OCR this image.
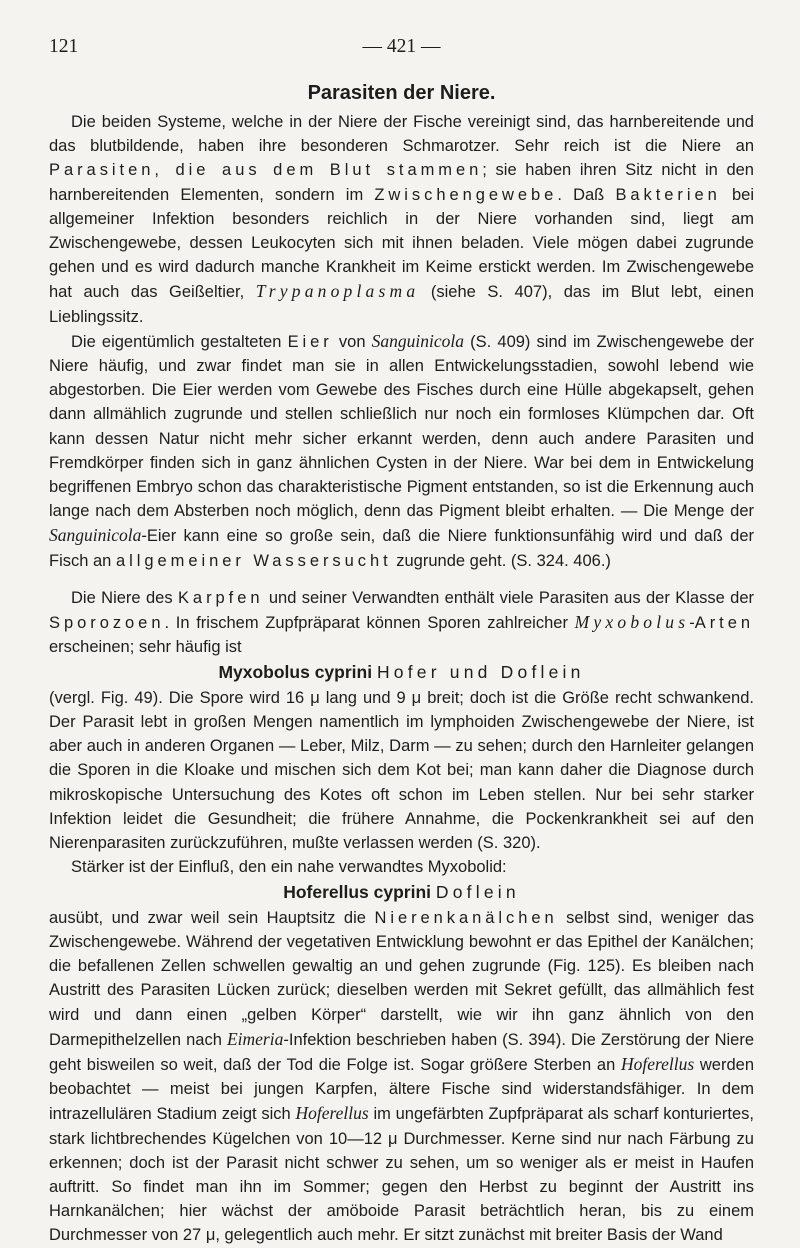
121	— 421 —
Parasiten der Niere.

Die beiden Systeme, welche in der Niere der Fische vereinigt sind, das harnbereitende und das blutbildende, haben ihre besonderen Schmarotzer. Sehr reich ist die Niere an Parasiten, die aus dem Blut stammen; sie haben ihren Sitz nicht in den harnbereitenden Elementen, sondern im Zwischengewebe. Daß Bakterien bei allgemeiner Infektion besonders reichlich in der Niere vorhanden sind, liegt am Zwischengewebe, dessen Leukocyten sich mit ihnen beladen. Viele mögen dabei zugrunde gehen und es wird dadurch manche Krankheit im Keime erstickt werden. Im Zwischengewebe hat auch das Geißeltier, Trypanoplasma (siehe S. 407), das im Blut lebt, einen Lieblingssitz.

Die eigentümlich gestalteten Eier von Sanguinicola (S. 409) sind im Zwischengewebe der Niere häufig, und zwar findet man sie in allen Entwickelungsstadien, sowohl lebend wie abgestorben. Die Eier werden vom Gewebe des Fisches durch eine Hülle abgekapselt, gehen dann allmählich zugrunde und stellen schließlich nur noch ein formloses Klümpchen dar. Oft kann dessen Natur nicht mehr sicher erkannt werden, denn auch andere Parasiten und Fremdkörper finden sich in ganz ähnlichen Cysten in der Niere. War bei dem in Entwickelung begriffenen Embryo schon das charakteristische Pigment entstanden, so ist die Erkennung auch lange nach dem Absterben noch möglich, denn das Pigment bleibt erhalten. — Die Menge der Sanguinicola-Eier kann eine so große sein, daß die Niere funktionsunfähig wird und daß der Fisch an allgemeiner Wassersucht zugrunde geht. (S. 324. 406.)

Die Niere des Karpfen und seiner Verwandten enthält viele Parasiten aus der Klasse der Sporozoen. In frischem Zupfpräparat können Sporen zahlreicher Myxobolus-Arten erscheinen; sehr häufig ist

Myxobolus cyprini Hofer und Doflein

(vergl. Fig. 49). Die Spore wird 16 μ lang und 9 μ breit; doch ist die Größe recht schwankend. Der Parasit lebt in großen Mengen namentlich im lymphoiden Zwischengewebe der Niere, ist aber auch in anderen Organen — Leber, Milz, Darm — zu sehen; durch den Harnleiter gelangen die Sporen in die Kloake und mischen sich dem Kot bei; man kann daher die Diagnose durch mikroskopische Untersuchung des Kotes oft schon im Leben stellen. Nur bei sehr starker Infektion leidet die Gesundheit; die frühere Annahme, die Pockenkrankheit sei auf den Nierenparasiten zurückzuführen, mußte verlassen werden (S. 320).

Stärker ist der Einfluß, den ein nahe verwandtes Myxobolid:

Hoferellus cyprini Doflein

ausübt, und zwar weil sein Hauptsitz die Nierenkanälchen selbst sind, weniger das Zwischengewebe. Während der vegetativen Entwicklung bewohnt er das Epithel der Kanälchen; die befallenen Zellen schwellen gewaltig an und gehen zugrunde (Fig. 125). Es bleiben nach Austritt des Parasiten Lücken zurück; dieselben werden mit Sekret gefüllt, das allmählich fest wird und dann einen „gelben Körper“ darstellt, wie wir ihn ganz ähnlich von den Darmepithelzellen nach Eimeria-Infektion beschrieben haben (S. 394). Die Zerstörung der Niere geht bisweilen so weit, daß der Tod die Folge ist. Sogar größere Sterben an Hoferellus werden beobachtet — meist bei jungen Karpfen, ältere Fische sind widerstandsfähiger. In dem intrazellulären Stadium zeigt sich Hoferellus im ungefärbten Zupfpräparat als scharf konturiertes, stark lichtbrechendes Kügelchen von 10—12 μ Durchmesser. Kerne sind nur nach Färbung zu erkennen; doch ist der Parasit nicht schwer zu sehen, um so weniger als er meist in Haufen auftritt. So findet man ihn im Sommer; gegen den Herbst zu beginnt der Austritt ins Harnkanälchen; hier wächst der amöboide Parasit beträchtlich heran, bis zu einem Durchmesser von 27 μ, gelegentlich auch mehr. Er sitzt zunächst mit breiter Basis der Wand
